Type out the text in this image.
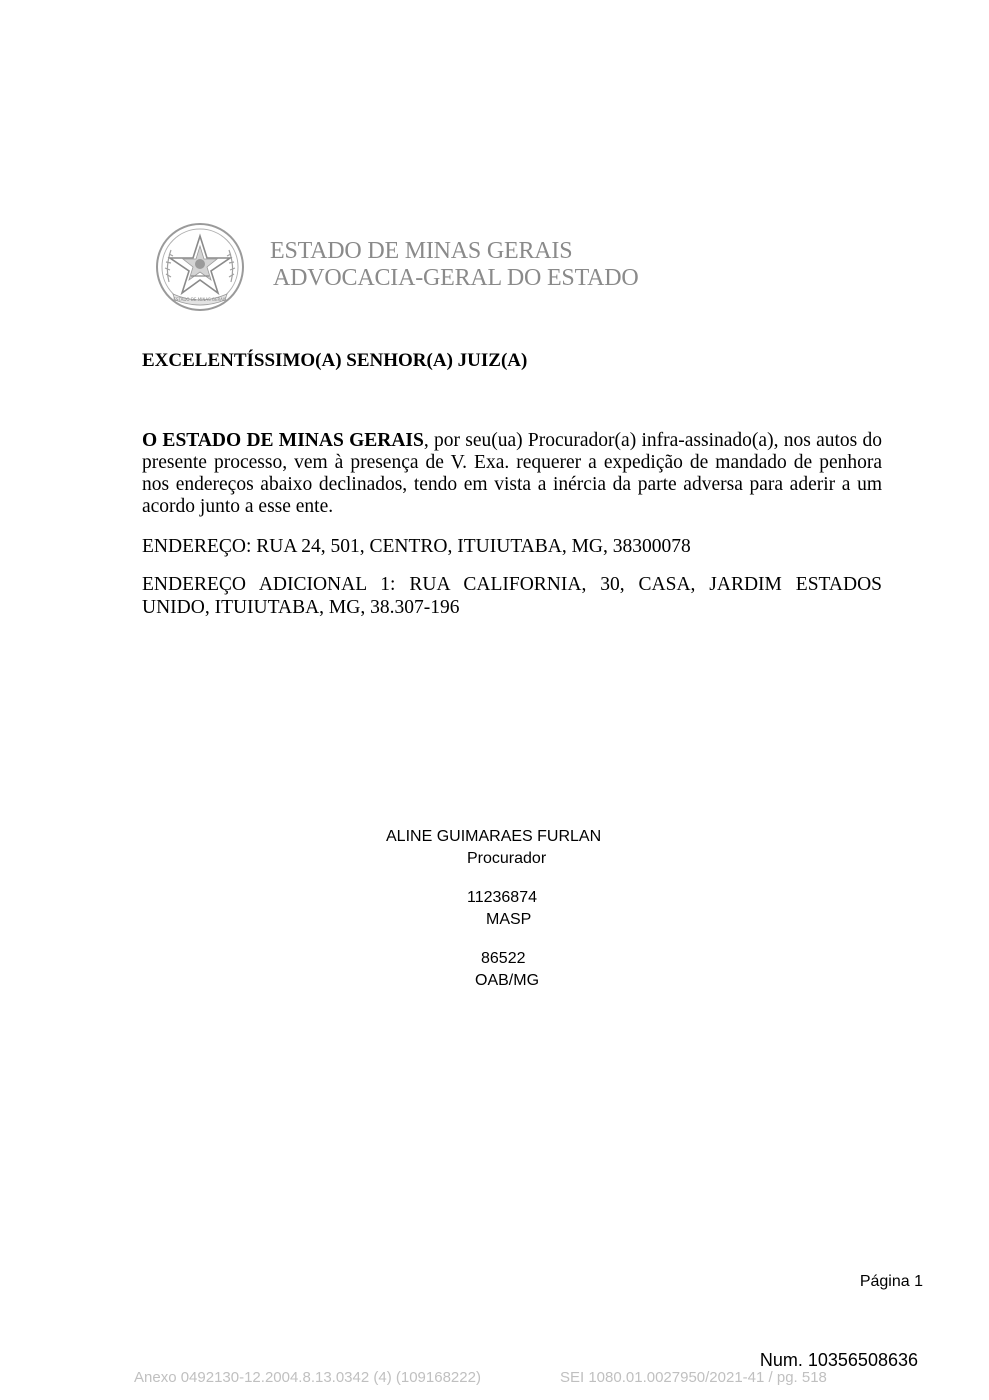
ESTADO DE MINAS GERAIS
ESTADO DE MINAS GERAIS
ADVOCACIA-GERAL DO ESTADO
EXCELENTÍSSIMO(A) SENHOR(A) JUIZ(A)
O ESTADO DE MINAS GERAIS, por seu(ua) Procurador(a) infra-assinado(a), nos autos do presente processo, vem à presença de V. Exa. requerer a expedição de mandado de penhora nos endereços abaixo declinados, tendo em vista a inércia da parte adversa para aderir a um acordo junto a esse ente.
ENDEREÇO: RUA 24, 501, CENTRO, ITUIUTABA, MG, 38300078
ENDEREÇO ADICIONAL 1: RUA CALIFORNIA, 30, CASA, JARDIM ESTADOS UNIDO, ITUIUTABA, MG, 38.307-196
ALINE GUIMARAES FURLAN
Procurador
11236874
MASP
86522
OAB/MG
Página 1
Num. 10356508636
Anexo 0492130-12.2004.8.13.0342 (4) (109168222)	SEI 1080.01.0027950/2021-41 / pg. 518
